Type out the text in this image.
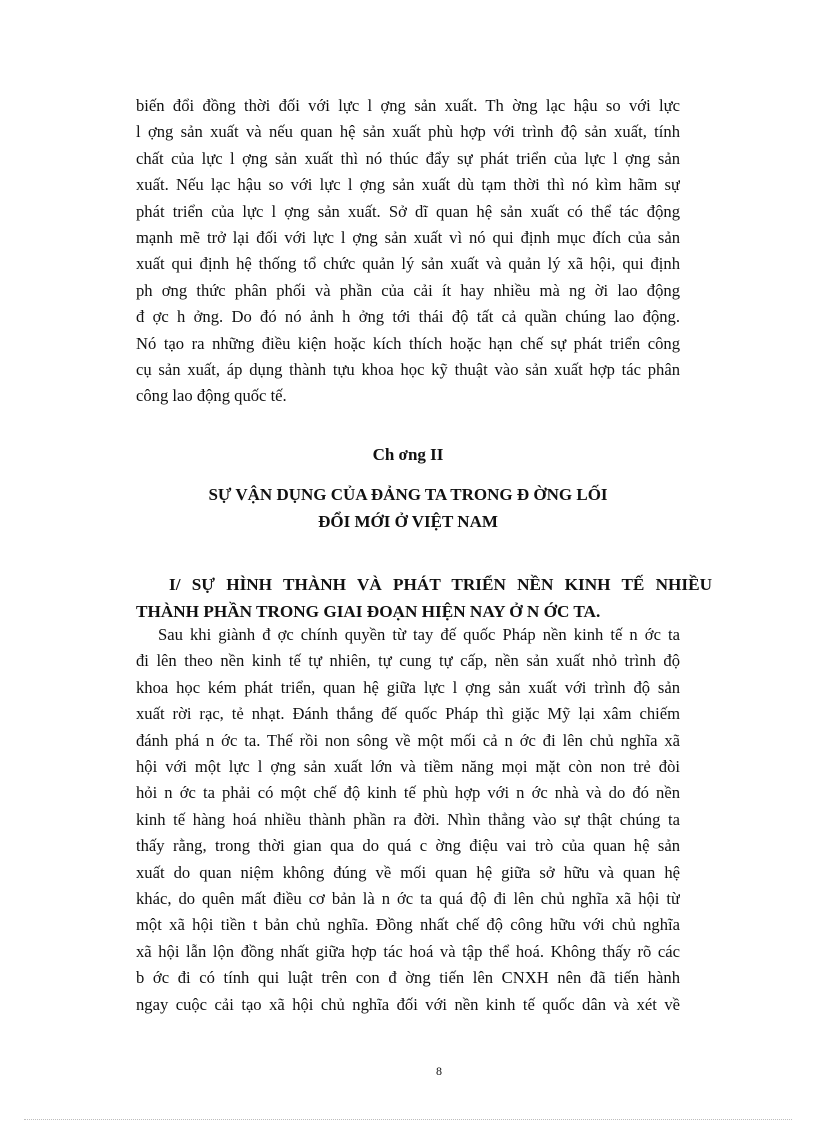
biến đổi đồng thời đối với lực l ợng sản xuất. Th ờng lạc hậu so với lực
l ợng sản xuất và nếu quan hệ sản xuất phù hợp với trình độ sản xuất, tính
chất của lực l ợng sản xuất thì nó thúc đẩy sự phát triển của lực l ợng sản
xuất. Nếu lạc hậu so với lực l ợng sản xuất dù tạm thời thì nó kìm hãm sự
phát triển của lực l ợng sản xuất. Sở dĩ quan hệ sản xuất có thể tác động
mạnh mẽ trở lại đối với lực l ợng sản xuất vì nó qui định mục đích của sản
xuất qui định hệ thống tổ chức quản lý sản xuất và quản lý xã hội, qui định
ph ơng thức phân phối và phần của cải ít hay nhiều mà ng ời lao động
đ ợc h ởng. Do đó nó ảnh h ởng tới thái độ tất cả quần chúng lao động.
Nó tạo ra những điều kiện hoặc kích thích hoặc hạn chế sự phát triển công
cụ sản xuất, áp dụng thành tựu khoa học kỹ thuật vào sản xuất hợp tác phân
công lao động quốc tế.
Ch ơng II
SỰ VẬN DỤNG CỦA ĐẢNG TA TRONG Đ ỜNG LỐI
ĐỔI MỚI Ở VIỆT NAM
I/ SỰ HÌNH THÀNH VÀ PHÁT TRIỂN NỀN KINH TẾ NHIỀU
THÀNH PHẦN TRONG GIAI ĐOẠN HIỆN NAY Ở N ỚC TA.
Sau khi giành đ ợc chính quyền từ tay đế quốc Pháp nền kinh tế n ớc ta
đi lên theo nền kinh tế tự nhiên, tự cung tự cấp, nền sản xuất nhỏ trình độ
khoa học kém phát triển, quan hệ giữa lực l ợng sản xuất với trình độ sản
xuất rời rạc, tẻ nhạt. Đánh thắng đế quốc Pháp thì giặc Mỹ lại xâm chiếm
đánh phá n ớc ta. Thế rồi non sông về một mối cả n ớc đi lên chủ nghĩa xã
hội với một lực l ợng sản xuất lớn và tiềm năng mọi mặt còn non trẻ đòi
hỏi n ớc ta phải có một chế độ kinh tế phù hợp với n ớc nhà và do đó nền
kinh tế hàng hoá nhiều thành phần ra đời. Nhìn thẳng vào sự thật chúng ta
thấy rằng, trong thời gian qua do quá c ờng điệu vai trò của quan hệ sản
xuất do quan niệm không đúng về mối quan hệ giữa sở hữu và quan hệ
khác, do quên mất điều cơ bản là n ớc ta quá độ đi lên chủ nghĩa xã hội từ
một xã hội tiền t bản chủ nghĩa. Đồng nhất chế độ công hữu với chủ nghĩa
xã hội lẫn lộn đồng nhất giữa hợp tác hoá và tập thể hoá. Không thấy rõ các
b ớc đi có tính qui luật trên con đ ờng tiến lên CNXH nên đã tiến hành
ngay cuộc cải tạo xã hội chủ nghĩa đối với nền kinh tế quốc dân và xét về
8
